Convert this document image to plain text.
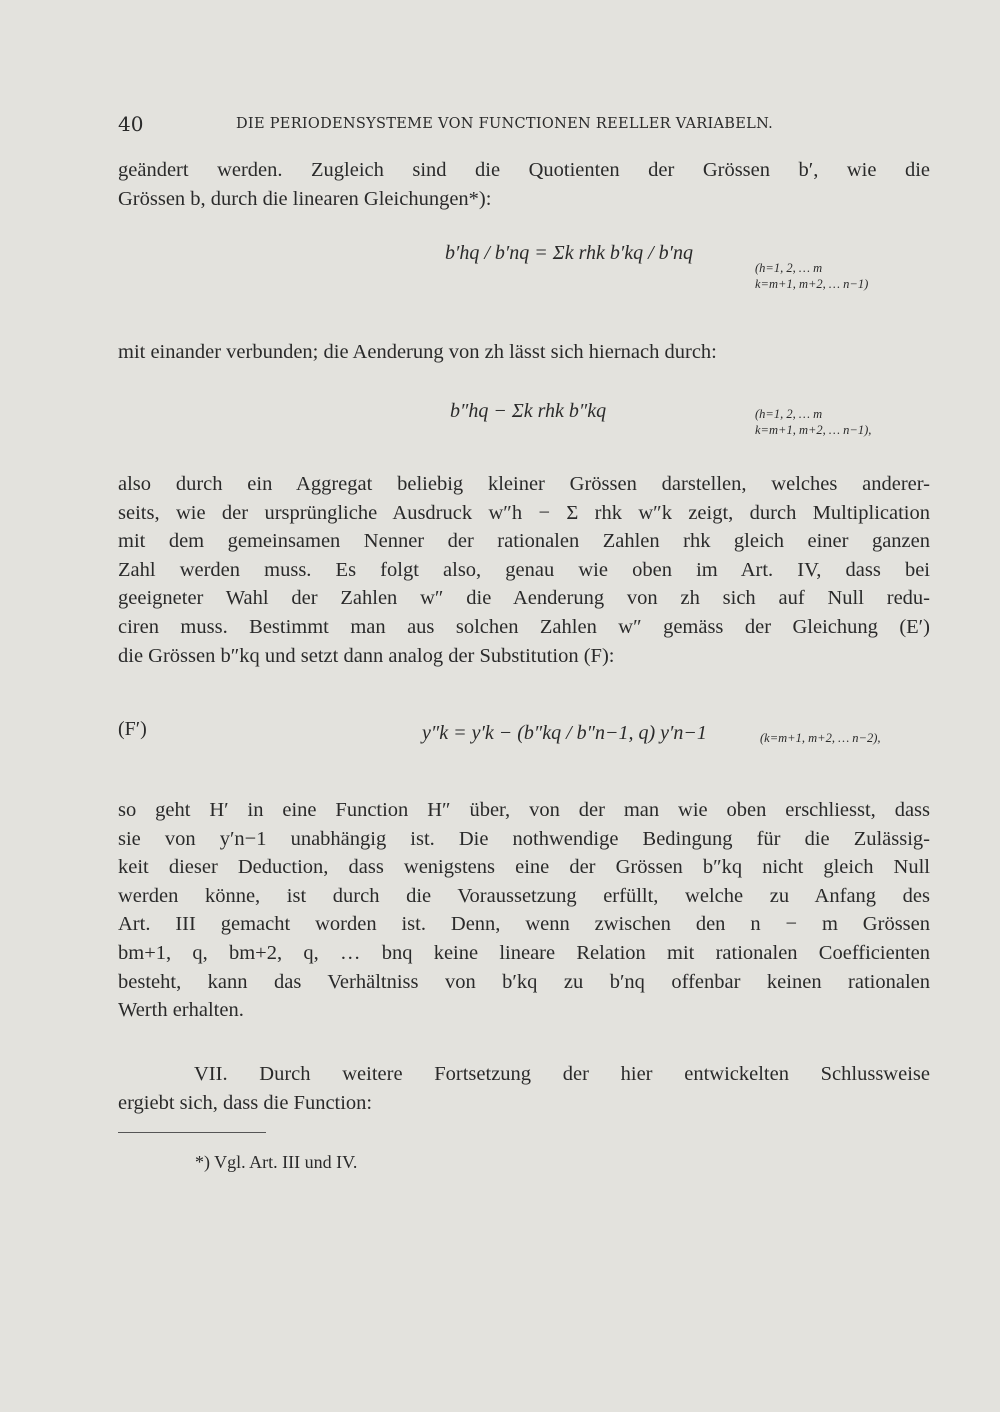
40	DIE PERIODENSYSTEME VON FUNCTIONEN REELLER VARIABELN.
geändert werden. Zugleich sind die Quotienten der Grössen b′, wie die
Grössen b, durch die linearen Gleichungen*):
b′hq / b′nq = Σk rhk b′kq / b′nq
(h=1, 2, … m
k=m+1, m+2, … n−1)
mit einander verbunden; die Aenderung von zh lässt sich hiernach durch:
b″hq − Σk rhk b″kq	(h=1, 2, … m
k=m+1, m+2, … n−1),
also durch ein Aggregat beliebig kleiner Grössen darstellen, welches anderer-
seits, wie der ursprüngliche Ausdruck w″h − Σ rhk w″k zeigt, durch Multiplication
mit dem gemeinsamen Nenner der rationalen Zahlen rhk gleich einer ganzen
Zahl werden muss. Es folgt also, genau wie oben im Art. IV, dass bei
geeigneter Wahl der Zahlen w″ die Aenderung von zh sich auf Null redu-
ciren muss. Bestimmt man aus solchen Zahlen w″ gemäss der Gleichung (E′)
die Grössen b″kq und setzt dann analog der Substitution (F):
(F′)	y″k = y′k − (b″kq / b″n−1, q) y′n−1	(k=m+1, m+2, … n−2),
so geht H′ in eine Function H″ über, von der man wie oben erschliesst, dass
sie von y′n−1 unabhängig ist. Die nothwendige Bedingung für die Zulässig-
keit dieser Deduction, dass wenigstens eine der Grössen b″kq nicht gleich Null
werden könne, ist durch die Voraussetzung erfüllt, welche zu Anfang des
Art. III gemacht worden ist. Denn, wenn zwischen den n − m Grössen
bm+1, q, bm+2, q, … bnq keine lineare Relation mit rationalen Coefficienten
besteht, kann das Verhältniss von b′kq zu b′nq offenbar keinen rationalen
Werth erhalten.
VII. Durch weitere Fortsetzung der hier entwickelten Schlussweise
ergiebt sich, dass die Function:
*) Vgl. Art. III und IV.
